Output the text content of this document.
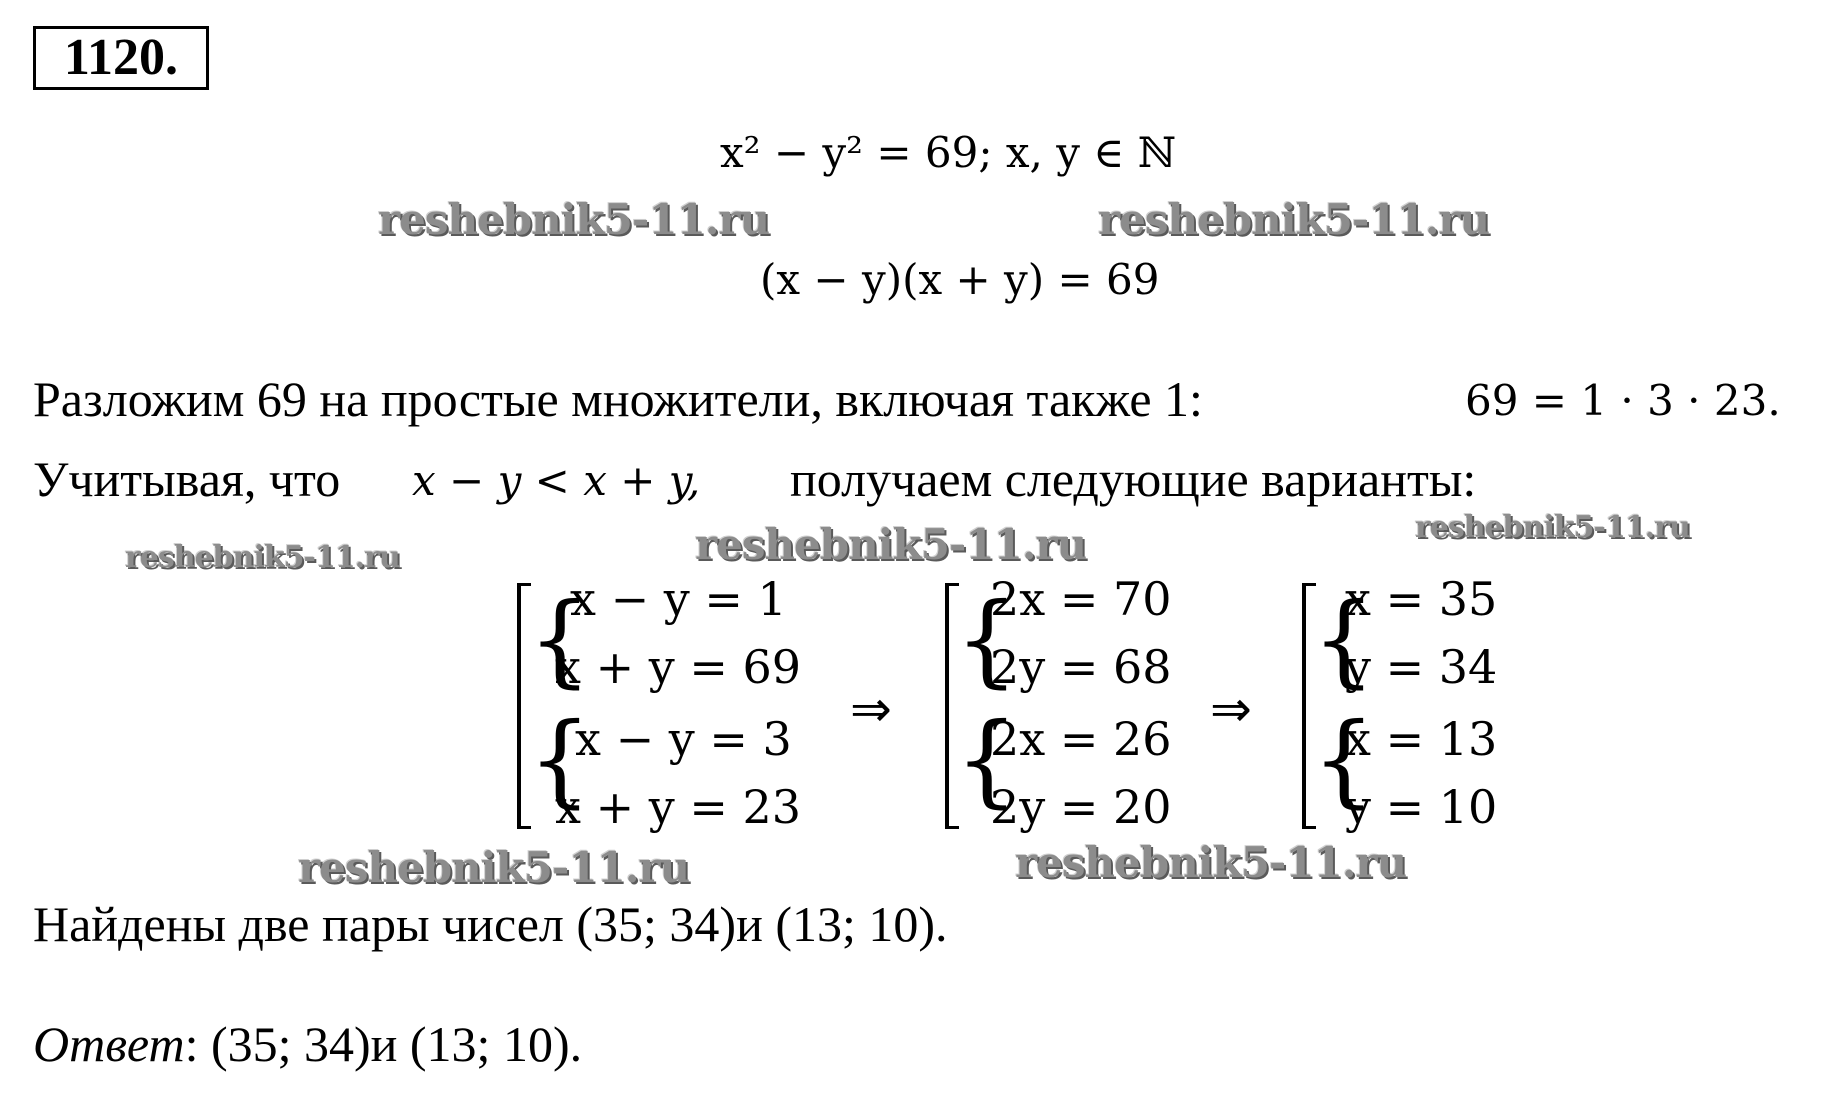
1120.
x² − y² = 69; x, y ∈ ℕ
(x − y)(x + y) = 69
Разложим 69 на простые множители, включая также 1:	69 = 1 · 3 · 23.
Учитывая, что x − y < x + y, получаем следующие варианты:
{
{
x − y = 1
x + y = 69
x − y = 3
x + y = 23
⇒
{
{
2x = 70
2y = 68
2x = 26
2y = 20
⇒
{
{
x = 35
y = 34
x = 13
y = 10
Найдены две пары чисел (35; 34)и (13; 10).
Ответ: (35; 34)и (13; 10).
reshebnik5-11.ru	reshebnik5-11.ru
reshebnik5-11.ru
reshebnik5-11.ru
reshebnik5-11.ru
reshebnik5-11.ru	reshebnik5-11.ru
